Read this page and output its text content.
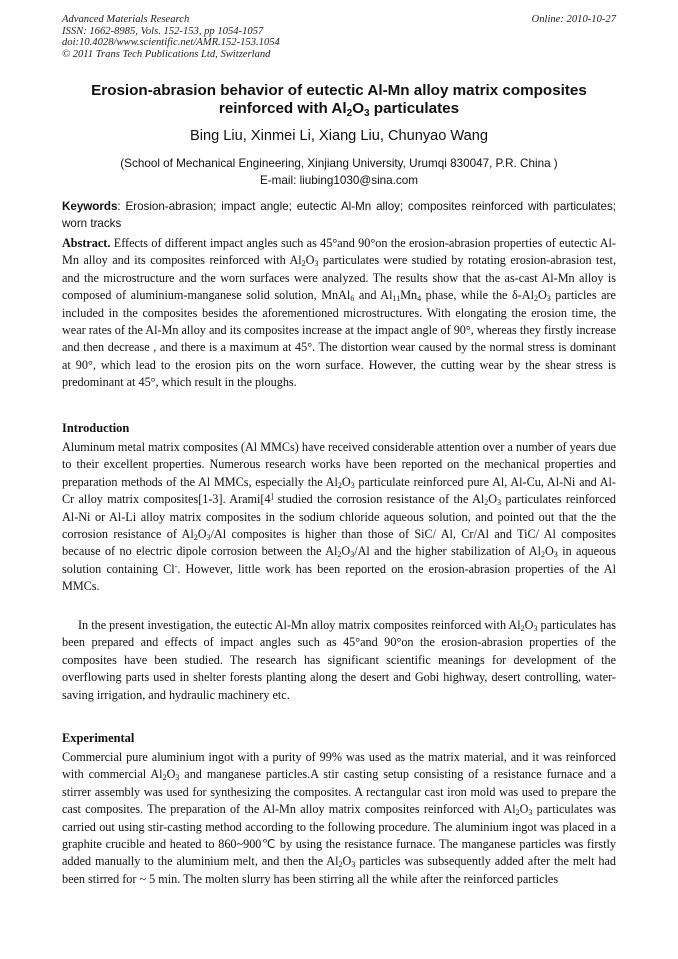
Advanced Materials Research
ISSN: 1662-8985, Vols. 152-153, pp 1054-1057
doi:10.4028/www.scientific.net/AMR.152-153.1054
© 2011 Trans Tech Publications Ltd, Switzerland
Online: 2010-10-27
Erosion-abrasion behavior of eutectic Al-Mn alloy matrix composites
reinforced with Al2O3 particulates
Bing Liu, Xinmei Li, Xiang Liu, Chunyao Wang
(School of Mechanical Engineering, Xinjiang University, Urumqi 830047, P.R. China )
E-mail: liubing1030@sina.com
Keywords: Erosion-abrasion; impact angle; eutectic Al-Mn alloy; composites reinforced with particulates; worn tracks
Abstract. Effects of different impact angles such as 45°and 90°on the erosion-abrasion properties of eutectic Al-Mn alloy and its composites reinforced with $Al_2O_3$ particulates were studied by rotating erosion-abrasion test, and the microstructure and the worn surfaces were analyzed. The results show that the as-cast Al-Mn alloy is composed of aluminium-manganese solid solution, MnAl$_6$ and $Al_{11}Mn_4$ phase, while the $\delta-Al_2O_3$ particles are included in the composites besides the aforementioned microstructures. With elongating the erosion time, the wear rates of the Al-Mn alloy and its composites increase at the impact angle of 90°, whereas they firstly increase and then decrease , and there is a maximum at 45°. The distortion wear caused by the normal stress is dominant at 90°, which lead to the erosion pits on the worn surface. However, the cutting wear by the shear stress is predominant at 45°, which result in the ploughs.
Introduction
Aluminum metal matrix composites (Al MMCs) have received considerable attention over a number of years due to their excellent properties. Numerous research works have been reported on the mechanical properties and preparation methods of the Al MMCs, especially the $Al_2O_3$ particulate reinforced pure Al, Al-Cu, Al-Ni and Al-Cr alloy matrix composites[1-3]. Arami[4] studied the corrosion resistance of the $Al_2O_3$ particulates reinforced Al-Ni or Al-Li alloy matrix composites in the sodium chloride aqueous solution, and pointed out that the the corrosion resistance of $Al_2O_3/Al$ composites is higher than those of SiC/ Al, Cr/Al and TiC/ Al composites because of no electric dipole corrosion between the $Al_2O_3/Al$ and the higher stabilization of $Al_2O_3$ in aqueous solution containing Cl-. However, little work has been reported on the erosion-abrasion properties of the Al MMCs.
In the present investigation, the eutectic Al-Mn alloy matrix composites reinforced with $Al_2O_3$ particulates has been prepared and effects of impact angles such as 45°and 90°on the erosion-abrasion properties of the composites have been studied. The research has significant scientific meanings for development of the overflowing parts used in shelter forests planting along the desert and Gobi highway, desert controlling, water-saving irrigation, and hydraulic machinery etc.
Experimental
Commercial pure aluminium ingot with a purity of 99% was used as the matrix material, and it was reinforced with commercial $Al_2O_3$ and manganese particles.A stir casting setup consisting of a resistance furnace and a stirrer assembly was used for synthesizing the composites. A rectangular cast iron mold was used to prepare the cast composites. The preparation of the Al-Mn alloy matrix composites reinforced with $Al_2O_3$ particulates was carried out using stir-casting method according to the following procedure. The aluminium ingot was placed in a graphite crucible and heated to 860~900℃ by using the resistance furnace. The manganese particles was firstly added manually to the aluminium melt, and then the $Al_2O_3$ particles was subsequently added after the melt had been stirred for ~ 5 min. The molten slurry has been stirring all the while after the reinforced particles
